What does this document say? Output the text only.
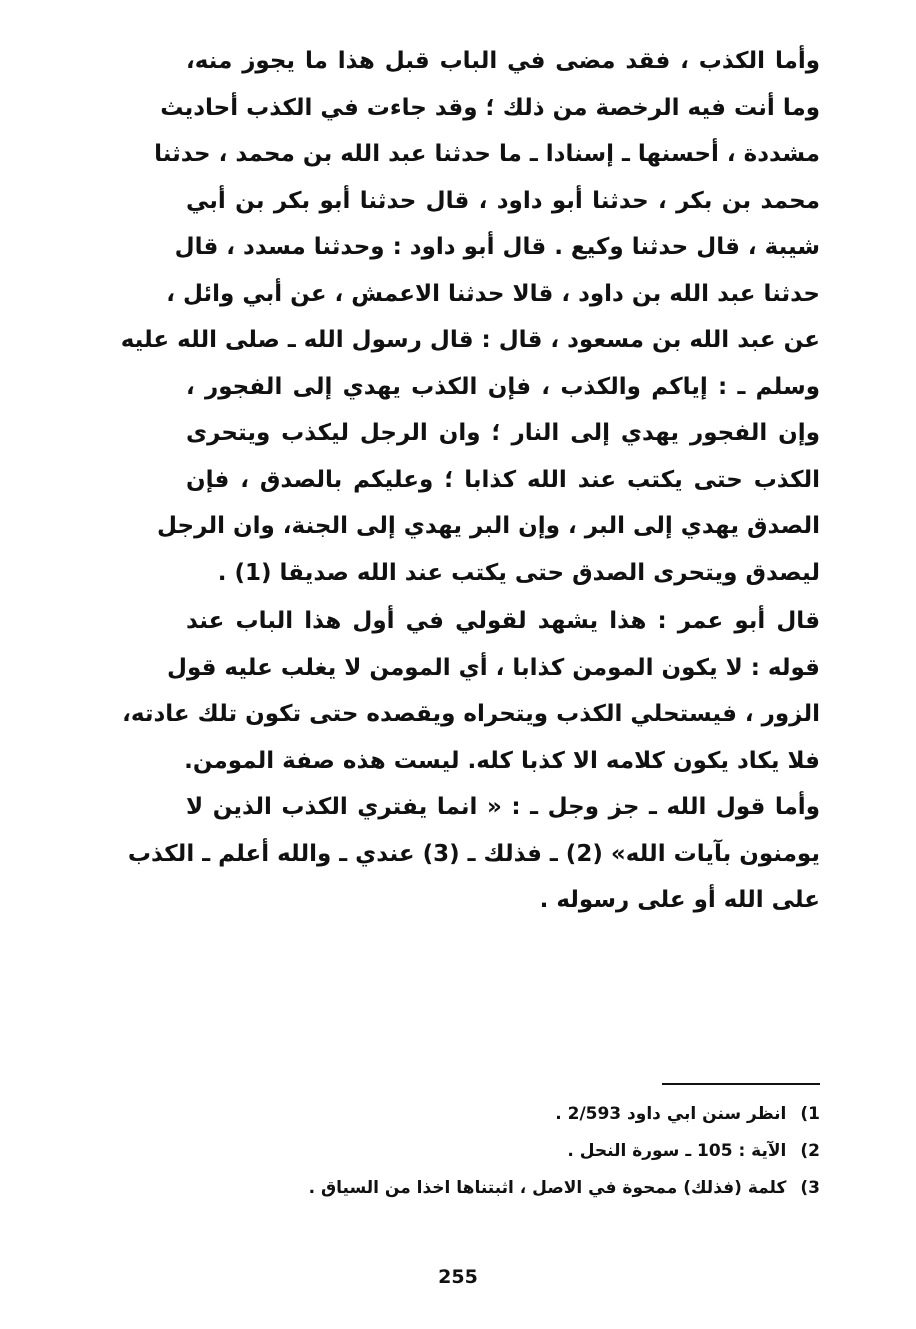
وأما الكذب ، فقد مضى في الباب قبل هذا ما يجوز منه،
وما أنت فيه الرخصة من ذلك ؛ وقد جاءت في الكذب أحاديث
مشددة ، أحسنها ـ إسنادا ـ ما حدثنا عبد الله بن محمد ، حدثنا
محمد بن بكر ، حدثنا أبو داود ، قال حدثنا أبو بكر بن أبي
شيبة ، قال حدثنا وكيع . قال أبو داود : وحدثنا مسدد ، قال
حدثنا عبد الله بن داود ، قالا حدثنا الاعمش ، عن أبي وائل ،
عن عبد الله بن مسعود ، قال : قال رسول الله ـ صلى الله عليه
وسلم ـ : إياكم والكذب ، فإن الكذب يهدي إلى الفجور ،
وإن الفجور يهدي إلى النار ؛ وان الرجل ليكذب ويتحرى
الكذب حتى يكتب عند الله كذابا ؛ وعليكم بالصدق ، فإن
الصدق يهدي إلى البر ، وإن البر يهدي إلى الجنة، وان الرجل
ليصدق ويتحرى الصدق حتى يكتب عند الله صديقا (1) .
قال أبو عمر : هذا يشهد لقولي في أول هذا الباب عند
قوله : لا يكون المومن كذابا ، أي المومن لا يغلب عليه قول
الزور ، فيستحلي الكذب ويتحراه ويقصده حتى تكون تلك عادته،
فلا يكاد يكون كلامه الا كذبا كله. ليست هذه صفة المومن.
وأما قول الله ـ جز وجل ـ : « انما يفتري الكذب الذين لا
يومنون بآيات الله» (2) ـ فذلك ـ (3) عندي ـ والله أعلم ـ الكذب
على الله أو على رسوله .
1)انظر سنن ابي داود 2/593 .
2)الآية : 105 ـ سورة النحل .
3)كلمة (فذلك) ممحوة في الاصل ، اثبتناها اخذا من السياق .
255
